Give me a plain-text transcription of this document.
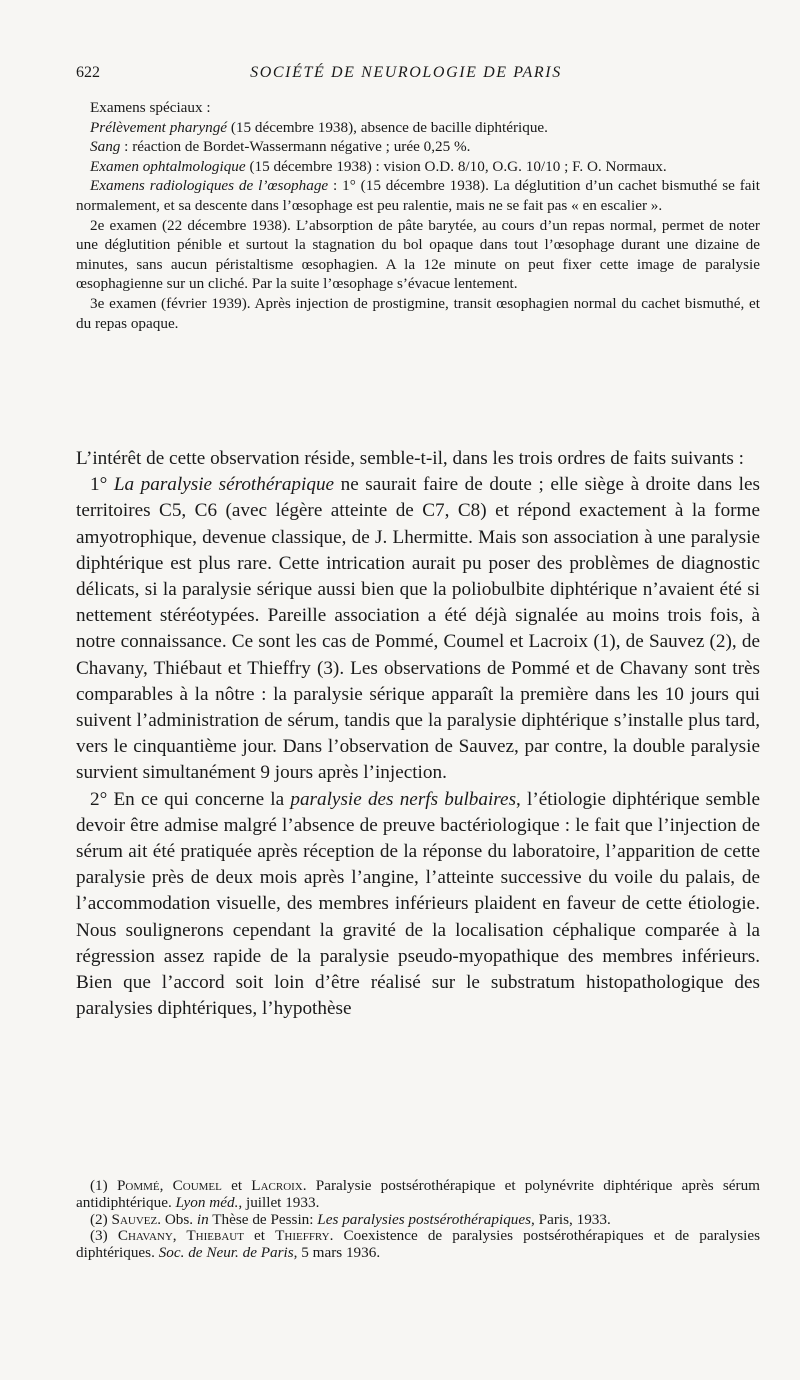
622	SOCIÉTÉ DE NEUROLOGIE DE PARIS

Examens spéciaux :

Prélèvement pharyngé (15 décembre 1938), absence de bacille diphtérique.

Sang : réaction de Bordet-Wassermann négative ; urée 0,25 %.

Examen ophtalmologique (15 décembre 1938) : vision O.D. 8/10, O.G. 10/10 ; F. O. Normaux.

Examens radiologiques de l’œsophage : 1° (15 décembre 1938). La déglutition d’un cachet bismuthé se fait normalement, et sa descente dans l’œsophage est peu ralentie, mais ne se fait pas « en escalier ».

2e examen (22 décembre 1938). L’absorption de pâte barytée, au cours d’un repas normal, permet de noter une déglutition pénible et surtout la stagnation du bol opaque dans tout l’œsophage durant une dizaine de minutes, sans aucun péristaltisme œsophagien. A la 12e minute on peut fixer cette image de paralysie œsophagienne sur un cliché. Par la suite l’œsophage s’évacue lentement.

3e examen (février 1939). Après injection de prostigmine, transit œsophagien normal du cachet bismuthé, et du repas opaque.

L’intérêt de cette observation réside, semble-t-il, dans les trois ordres de faits suivants :

1° La paralysie sérothérapique ne saurait faire de doute ; elle siège à droite dans les territoires C5, C6 (avec légère atteinte de C7, C8) et répond exactement à la forme amyotrophique, devenue classique, de J. Lhermitte. Mais son association à une paralysie diphtérique est plus rare. Cette intrication aurait pu poser des problèmes de diagnostic délicats, si la paralysie sérique aussi bien que la poliobulbite diphtérique n’avaient été si nettement stéréotypées. Pareille association a été déjà signalée au moins trois fois, à notre connaissance. Ce sont les cas de Pommé, Coumel et Lacroix (1), de Sauvez (2), de Chavany, Thiébaut et Thieffry (3). Les observations de Pommé et de Chavany sont très comparables à la nôtre : la paralysie sérique apparaît la première dans les 10 jours qui suivent l’administration de sérum, tandis que la paralysie diphtérique s’installe plus tard, vers le cinquantième jour. Dans l’observation de Sauvez, par contre, la double paralysie survient simultanément 9 jours après l’injection.

2° En ce qui concerne la paralysie des nerfs bulbaires, l’étiologie diphtérique semble devoir être admise malgré l’absence de preuve bactériologique : le fait que l’injection de sérum ait été pratiquée après réception de la réponse du laboratoire, l’apparition de cette paralysie près de deux mois après l’angine, l’atteinte successive du voile du palais, de l’accommodation visuelle, des membres inférieurs plaident en faveur de cette étiologie. Nous soulignerons cependant la gravité de la localisation céphalique comparée à la régression assez rapide de la paralysie pseudo-myopathique des membres inférieurs. Bien que l’accord soit loin d’être réalisé sur le substratum histopathologique des paralysies diphtériques, l’hypothèse

(1) Pommé, Coumel et Lacroix. Paralysie postsérothérapique et polynévrite diphtérique après sérum antidiphtérique. Lyon méd., juillet 1933.

(2) Sauvez. Obs. in Thèse de Pessin: Les paralysies postsérothérapiques, Paris, 1933.

(3) Chavany, Thiebaut et Thieffry. Coexistence de paralysies postsérothérapiques et de paralysies diphtériques. Soc. de Neur. de Paris, 5 mars 1936.
